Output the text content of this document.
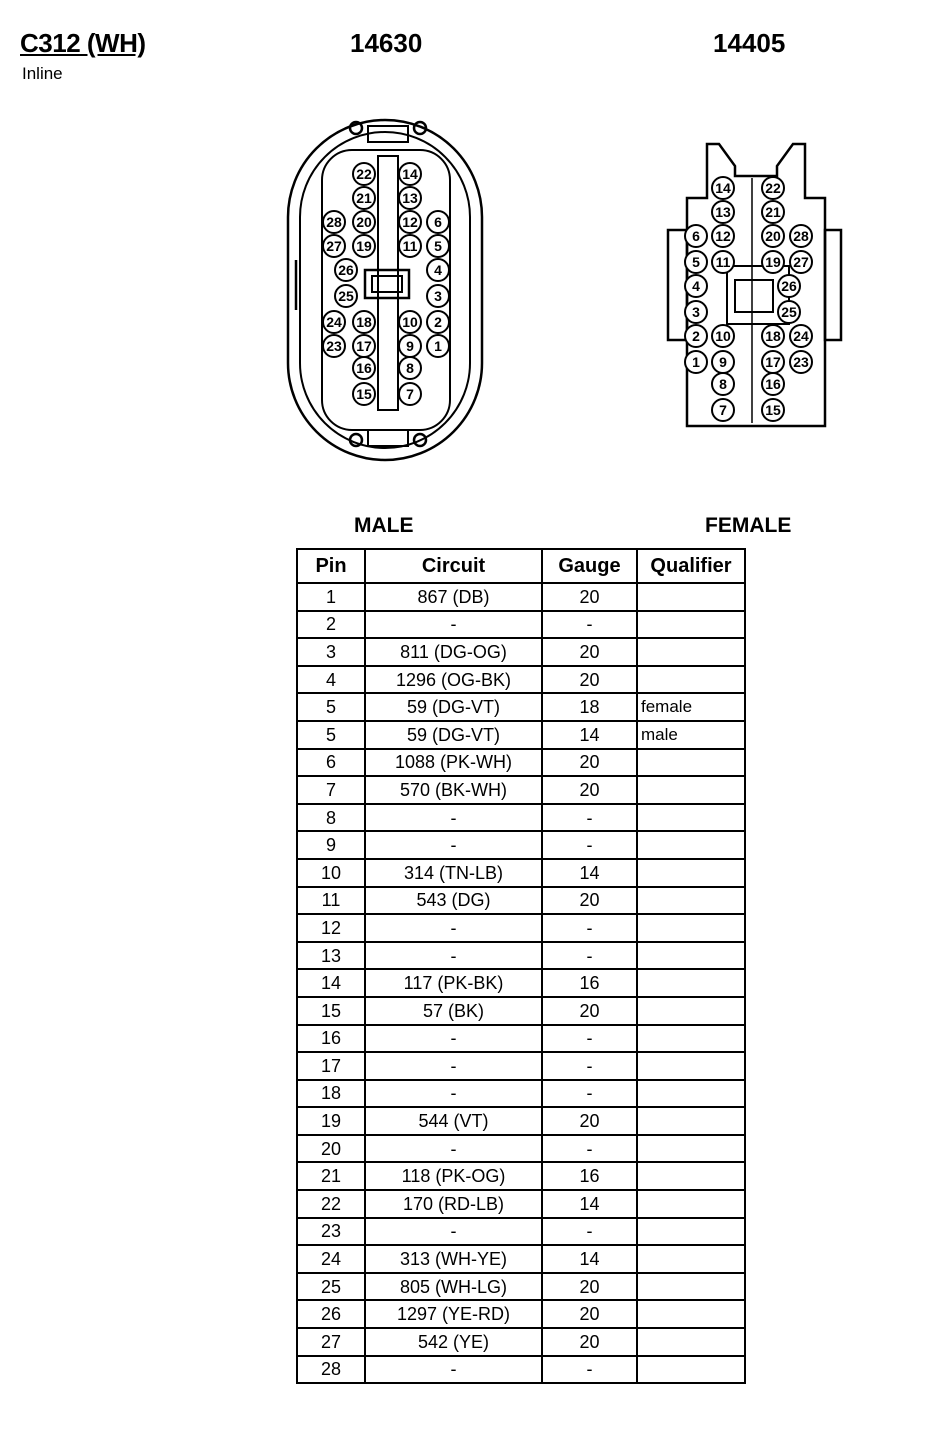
C312 (WH)
Inline
14630	14405
1
2
3
4
5
6
7
8
9
10
11
12
13
14
15
16
17
18
19
20
21
22
23
24
25
26
27
28
1
2
3
4
5
6
7
8
9
10
11
12
13
14
15
16
17
18
19
20
21
22
23
24
25
26
27
28
MALE	FEMALE
Pin	Circuit	Gauge	Qualifier
1	867 (DB)	20	
2	-	-	
3	811 (DG-OG)	20	
4	1296 (OG-BK)	20	
5	59 (DG-VT)	18	female
5	59 (DG-VT)	14	male
6	1088 (PK-WH)	20	
7	570 (BK-WH)	20	
8	-	-	
9	-	-	
10	314 (TN-LB)	14	
11	543 (DG)	20	
12	-	-	
13	-	-	
14	117 (PK-BK)	16	
15	57 (BK)	20	
16	-	-	
17	-	-	
18	-	-	
19	544 (VT)	20	
20	-	-	
21	118 (PK-OG)	16	
22	170 (RD-LB)	14	
23	-	-	
24	313 (WH-YE)	14	
25	805 (WH-LG)	20	
26	1297 (YE-RD)	20	
27	542 (YE)	20	
28	-	-	
